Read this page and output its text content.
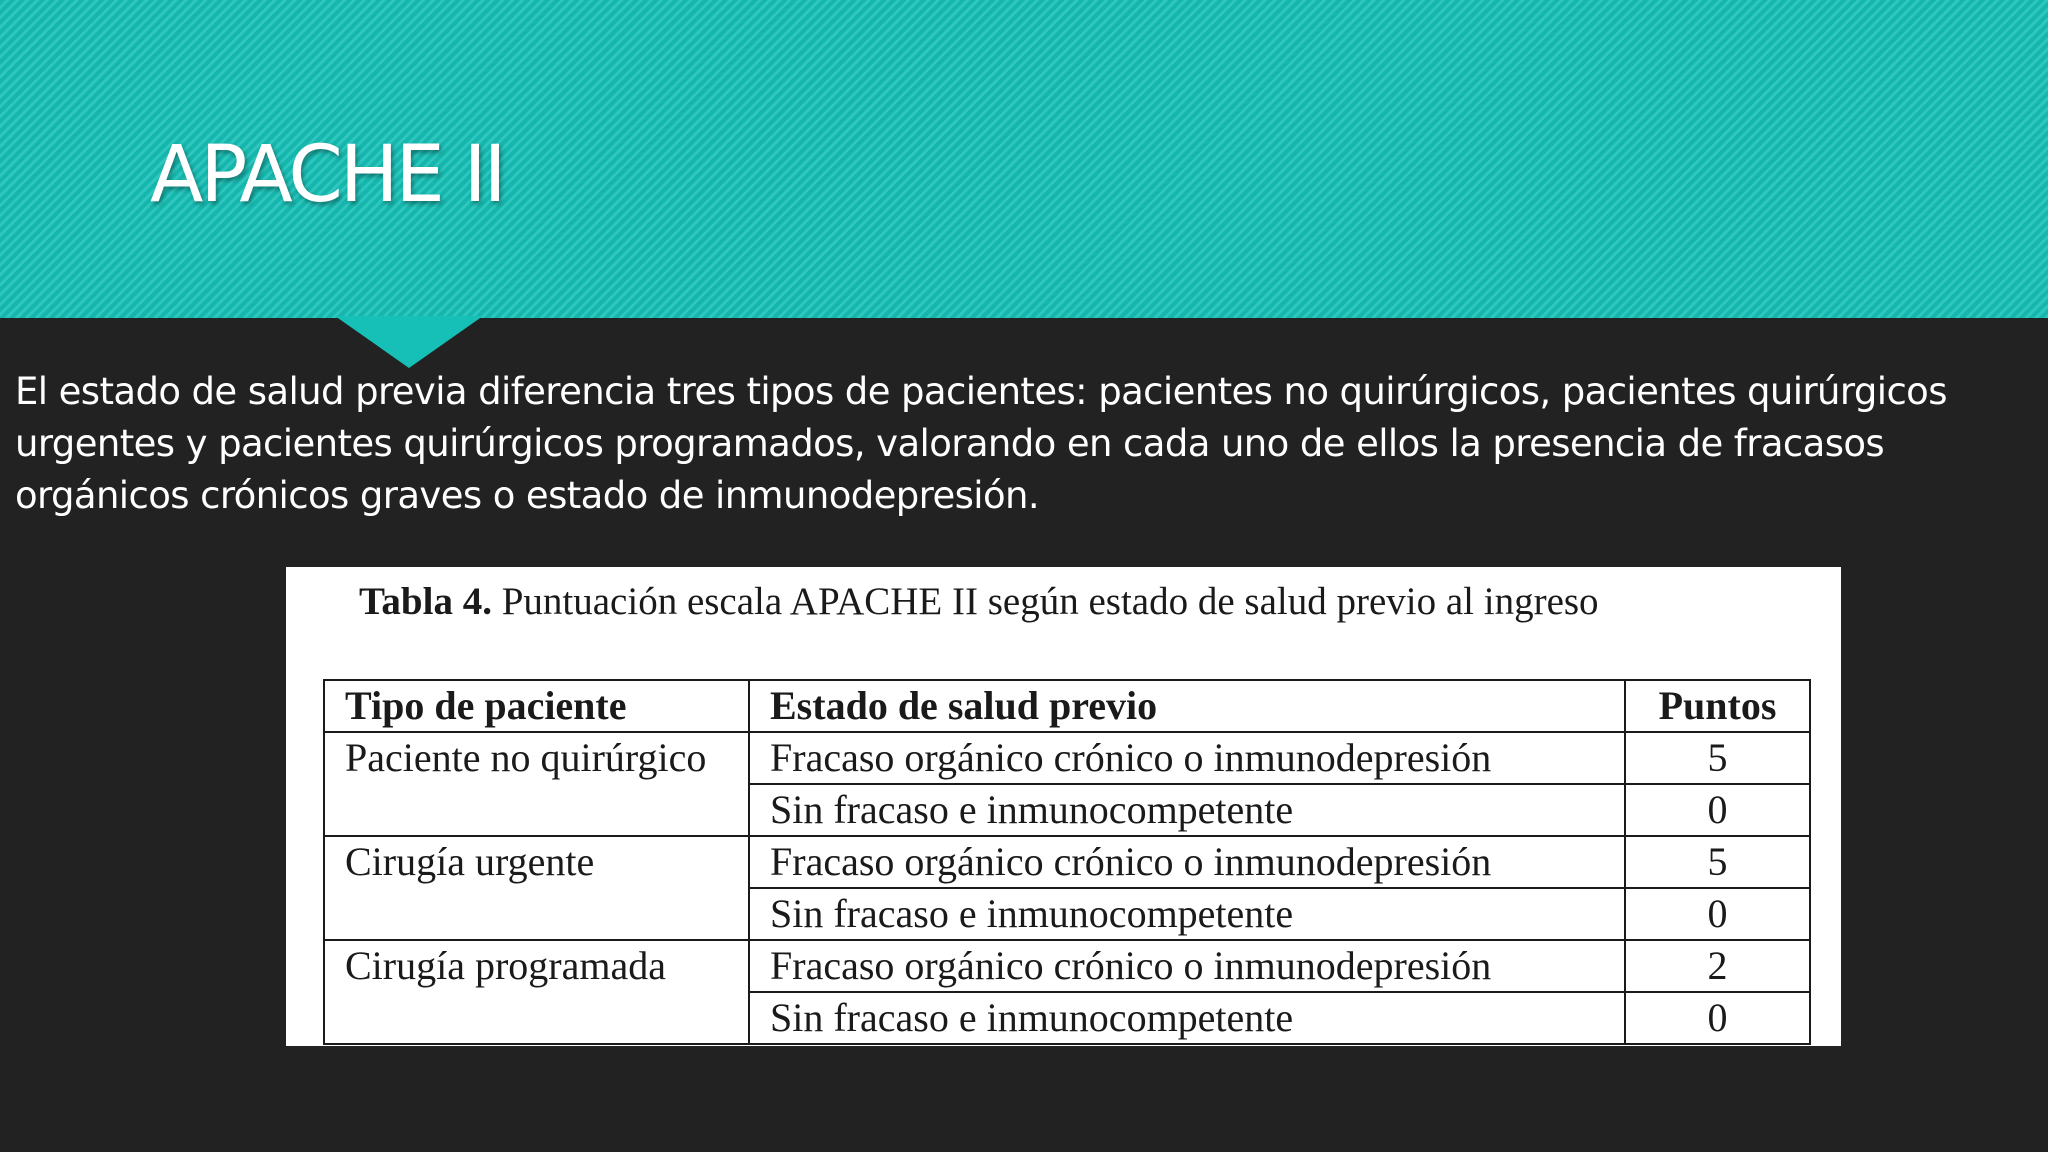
APACHE II

El estado de salud previa diferencia tres tipos de pacientes: pacientes no quirúrgicos, pacientes quirúrgicos urgentes y pacientes quirúrgicos programados, valorando en cada uno de ellos la presencia de fracasos orgánicos crónicos graves o estado de inmunodepresión.

Tabla 4. Puntuación escala APACHE II según estado de salud previo al ingreso
Tipo de paciente	Estado de salud previo	Puntos
Paciente no quirúrgico	Fracaso orgánico crónico o inmunodepresión	5
	Sin fracaso e inmunocompetente	0
Cirugía urgente	Fracaso orgánico crónico o inmunodepresión	5
	Sin fracaso e inmunocompetente	0
Cirugía programada	Fracaso orgánico crónico o inmunodepresión	2
	Sin fracaso e inmunocompetente	0
